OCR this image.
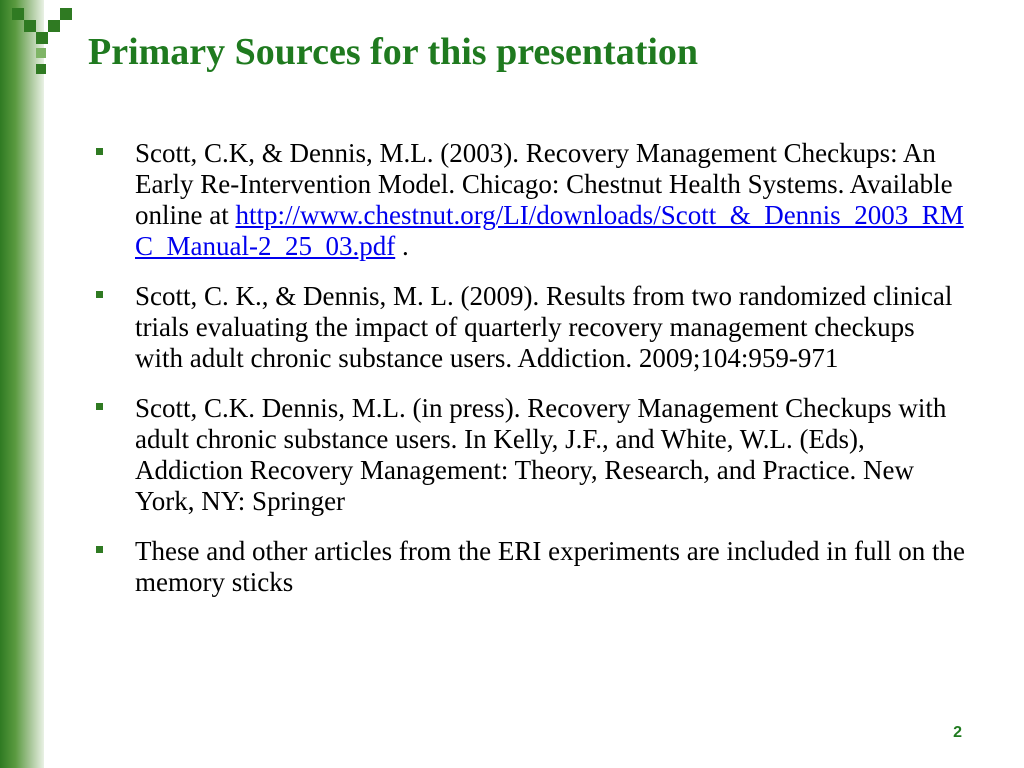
Primary Sources for this presentation
Scott, C.K, & Dennis, M.L. (2003). Recovery Management Checkups: An Early Re-Intervention Model. Chicago: Chestnut Health Systems. Available online at http://www.chestnut.org/LI/downloads/Scott_&_Dennis_2003_RMC_Manual-2_25_03.pdf .
Scott, C. K., & Dennis, M. L. (2009). Results from two randomized clinical trials evaluating the impact of quarterly recovery management checkups with adult chronic substance users. Addiction. 2009;104:959-971
Scott, C.K. Dennis, M.L. (in press). Recovery Management Checkups with adult chronic substance users. In Kelly, J.F., and White, W.L. (Eds), Addiction Recovery Management: Theory, Research, and Practice. New York, NY: Springer
These and other articles from the ERI experiments are included in full on the memory sticks
2
